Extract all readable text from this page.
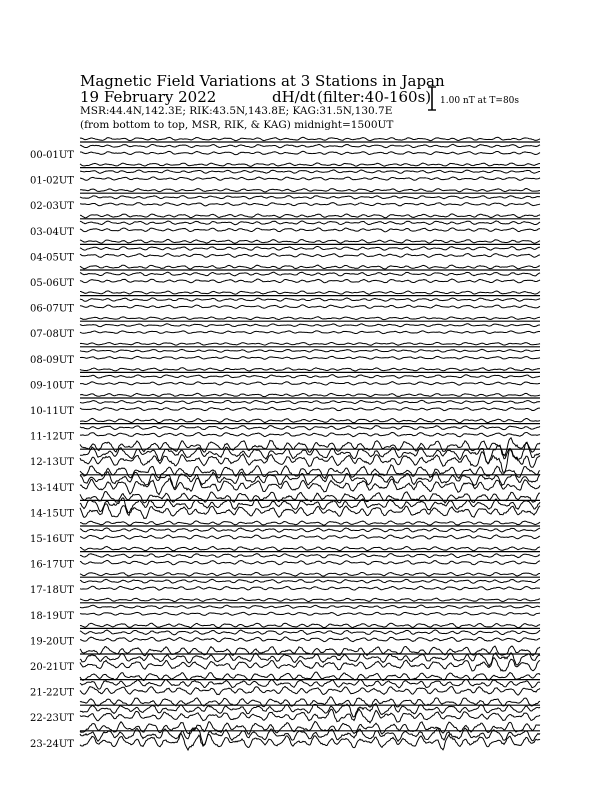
Magnetic Field Variations at 3 Stations in Japan
19 February 2022	dH/dt (filter:40-160s)
MSR:44.4N,142.3E; RIK:43.5N,143.8E; KAG:31.5N,130.7E
(from bottom to top, MSR, RIK, & KAG) midnight=1500UT
1.00 nT at T=80s
00-01UT
01-02UT
02-03UT
03-04UT
04-05UT
05-06UT
06-07UT
07-08UT
08-09UT
09-10UT
10-11UT
11-12UT
12-13UT
13-14UT
14-15UT
15-16UT
16-17UT
17-18UT
18-19UT
19-20UT
20-21UT
21-22UT
22-23UT
23-24UT
